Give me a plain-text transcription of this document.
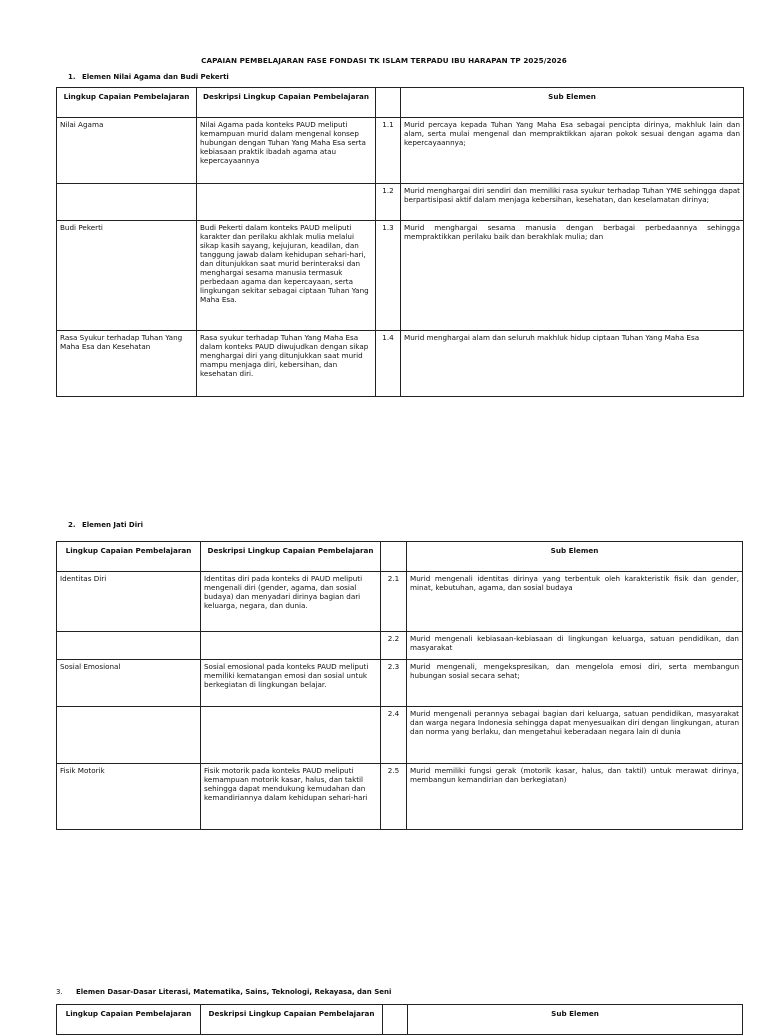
CAPAIAN PEMBELAJARAN FASE FONDASI TK ISLAM TERPADU IBU HARAPAN TP 2025/2026
1. Elemen Nilai Agama dan Budi Pekerti
Lingkup Capaian Pembelajaran	Deskripsi Lingkup Capaian Pembelajaran		Sub Elemen
Nilai Agama	Nilai Agama pada konteks PAUD meliputi kemampuan murid dalam mengenal konsep hubungan dengan Tuhan Yang Maha Esa serta kebiasaan praktik ibadah agama atau kepercayaannya	1.1	Murid percaya kepada Tuhan Yang Maha Esa sebagai pencipta dirinya, makhluk lain dan alam, serta mulai mengenal dan mempraktikkan ajaran pokok sesuai dengan agama dan kepercayaannya;
		1.2	Murid menghargai diri sendiri dan memiliki rasa syukur terhadap Tuhan YME sehingga dapat berpartisipasi aktif dalam menjaga kebersihan, kesehatan, dan keselamatan dirinya;
Budi Pekerti	Budi Pekerti dalam konteks PAUD meliputi karakter dan perilaku akhlak mulia melalui sikap kasih sayang, kejujuran, keadilan, dan tanggung jawab dalam kehidupan sehari-hari, dan ditunjukkan saat murid berinteraksi dan menghargai sesama manusia termasuk perbedaan agama dan kepercayaan, serta lingkungan sekitar sebagai ciptaan Tuhan Yang Maha Esa.	1.3	Murid menghargai sesama manusia dengan berbagai perbedaannya sehingga mempraktikkan perilaku baik dan berakhlak mulia; dan
Rasa Syukur terhadap Tuhan Yang Maha Esa dan Kesehatan	Rasa syukur terhadap Tuhan Yang Maha Esa dalam konteks PAUD diwujudkan dengan sikap menghargai diri yang ditunjukkan saat murid mampu menjaga diri, kebersihan, dan kesehatan diri.	1.4	Murid menghargai alam dan seluruh makhluk hidup ciptaan Tuhan Yang Maha Esa
2. Elemen Jati Diri
Lingkup Capaian Pembelajaran	Deskripsi Lingkup Capaian Pembelajaran		Sub Elemen
Identitas Diri	Identitas diri pada konteks di PAUD meliputi mengenali diri (gender, agama, dan sosial budaya) dan menyadari dirinya bagian dari keluarga, negara, dan dunia.	2.1	Murid mengenali identitas dirinya yang terbentuk oleh karakteristik fisik dan gender, minat, kebutuhan, agama, dan sosial budaya
		2.2	Murid mengenali kebiasaan-kebiasaan di lingkungan keluarga, satuan pendidikan, dan masyarakat
Sosial Emosional	Sosial emosional pada konteks PAUD meliputi memiliki kematangan emosi dan sosial untuk berkegiatan di lingkungan belajar.	2.3	Murid mengenali, mengekspresikan, dan mengelola emosi diri, serta membangun hubungan sosial secara sehat;
		2.4	Murid mengenali perannya sebagai bagian dari keluarga, satuan pendidikan, masyarakat dan warga negara Indonesia sehingga dapat menyesuaikan diri dengan lingkungan, aturan dan norma yang berlaku, dan mengetahui keberadaan negara lain di dunia
Fisik Motorik	Fisik motorik pada konteks PAUD meliputi kemampuan motorik kasar, halus, dan taktil sehingga dapat mendukung kemudahan dan kemandiriannya dalam kehidupan sehari-hari	2.5	Murid memiliki fungsi gerak (motorik kasar, halus, dan taktil) untuk merawat dirinya, membangun kemandirian dan berkegiatan)
3. Elemen Dasar-Dasar Literasi, Matematika, Sains, Teknologi, Rekayasa, dan Seni
Lingkup Capaian Pembelajaran	Deskripsi Lingkup Capaian Pembelajaran		Sub Elemen
